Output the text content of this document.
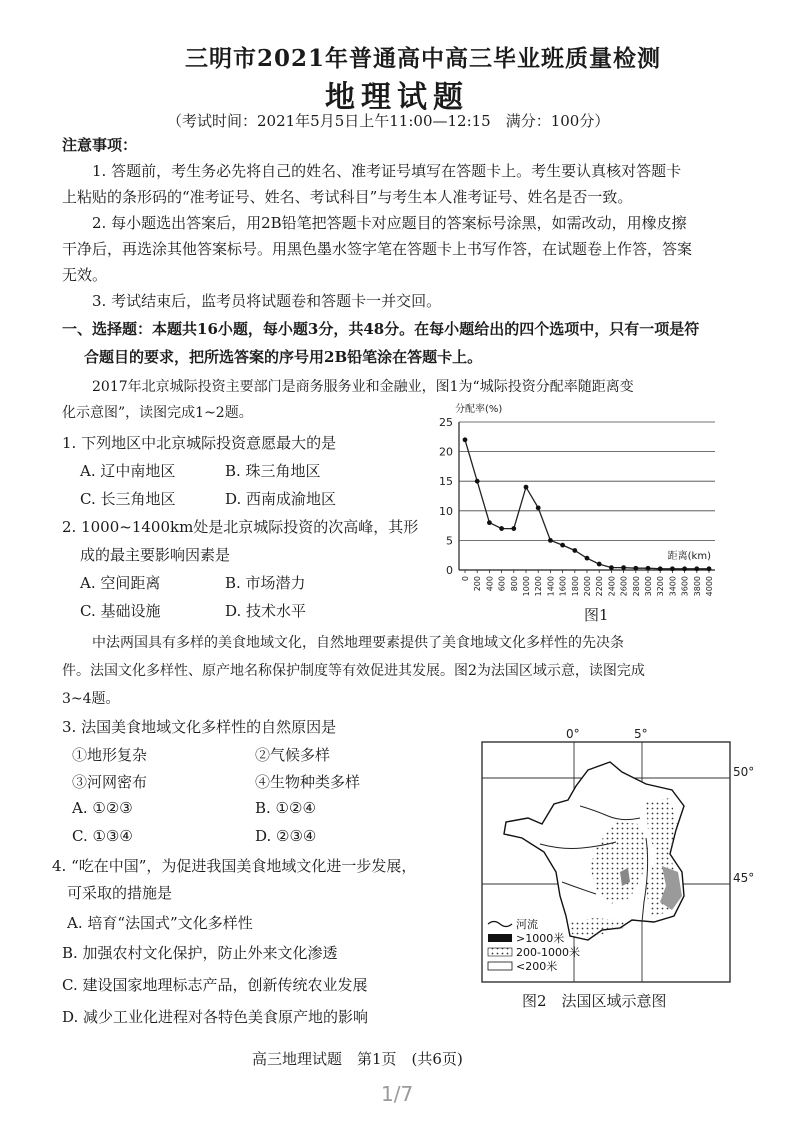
三明市2021年普通高中高三毕业班质量检测
地理试题
（考试时间：2021年5月5日上午11:00—12:15　满分：100分）
注意事项：
1. 答题前，考生务必先将自己的姓名、准考证号填写在答题卡上。考生要认真核对答题卡
上粘贴的条形码的“准考证号、姓名、考试科目”与考生本人准考证号、姓名是否一致。
2. 每小题选出答案后，用2B铅笔把答题卡对应题目的答案标号涂黑，如需改动，用橡皮擦
干净后，再选涂其他答案标号。用黑色墨水签字笔在答题卡上书写作答，在试题卷上作答，答案
无效。
3. 考试结束后，监考员将试题卷和答题卡一并交回。
一、选择题：本题共16小题，每小题3分，共48分。在每小题给出的四个选项中，只有一项是符
合题目的要求，把所选答案的序号用2B铅笔涂在答题卡上。
2017年北京城际投资主要部门是商务服务业和金融业，图1为“城际投资分配率随距离变
化示意图”，读图完成1~2题。
1. 下列地区中北京城际投资意愿最大的是
A. 辽中南地区	B. 珠三角地区
C. 长三角地区	D. 西南成渝地区
2. 1000~1400km处是北京城际投资的次高峰，其形
成的最主要影响因素是
A. 空间距离	B. 市场潜力
C. 基础设施	D. 技术水平
0
5
10
15
20
25
0 200 400 600 800 1000 1200 1400 1600 1800 2000 2200 2400 2600 2800 3000 3200 3400 3600 3800 4000
分配率(%)
距离(km)
图1
中法两国具有多样的美食地域文化，自然地理要素提供了美食地域文化多样性的先决条
件。法国文化多样性、原产地名称保护制度等有效促进其发展。图2为法国区域示意，读图完成
3~4题。
3. 法国美食地域文化多样性的自然原因是
①地形复杂	②气候多样
③河网密布	④生物种类多样
A. ①②③	B. ①②④
C. ①③④	D. ②③④
4. “吃在中国”，为促进我国美食地域文化进一步发展，
可采取的措施是
A. 培育“法国式”文化多样性
B. 加强农村文化保护，防止外来文化渗透
C. 建设国家地理标志产品，创新传统农业发展
D. 减少工业化进程对各特色美食原产地的影响
0°	5°
50°
45°
河流
>1000米
200-1000米
<200米
图2　法国区域示意图
高三地理试题　第1页　(共6页)
1/7
